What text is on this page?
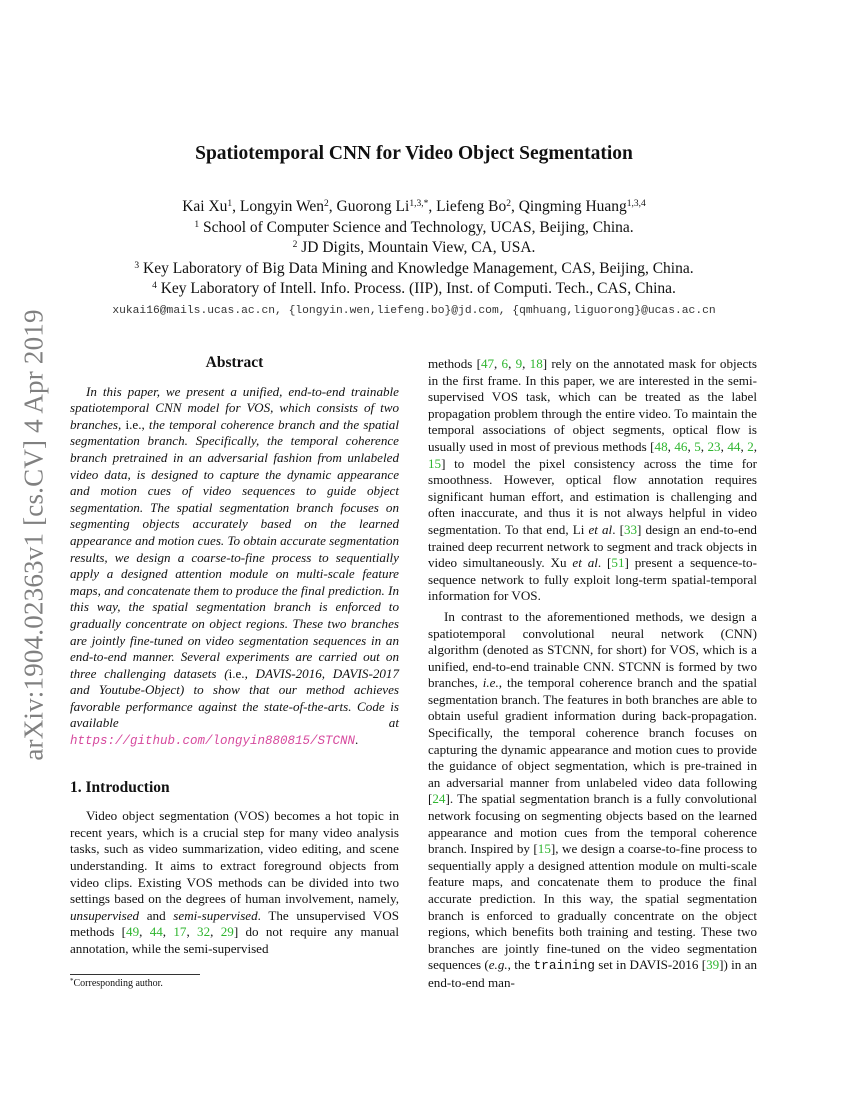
arXiv:1904.02363v1 [cs.CV] 4 Apr 2019
Spatiotemporal CNN for Video Object Segmentation
Kai Xu$^1$, Longyin Wen$^2$, Guorong $Li^{1,3,*}$, Liefeng Bo$^2$, Qingming Huang$^{1,3,4}$
$^1$ School of Computer Science and Technology, UCAS, Beijing, China.
$^2$ JD Digits, Mountain View, CA, USA.
$^3$ Key Laboratory of Big Data Mining and Knowledge Management, CAS, Beijing, China.
$^4$ Key Laboratory of Intell. Info. Process. (IIP), Inst. of Computi. Tech., CAS, China.
xukai16@mails.ucas.ac.cn, {longyin.wen,liefeng.bo}@jd.com, {qmhuang,liguorong}@ucas.ac.cn

Abstract

In this paper, we present a unified, end-to-end trainable spatiotemporal CNN model for VOS, which consists of two branches, i.e., the temporal coherence branch and the spatial segmentation branch. Specifically, the temporal coherence branch pretrained in an adversarial fashion from unlabeled video data, is designed to capture the dynamic appearance and motion cues of video sequences to guide object segmentation. The spatial segmentation branch focuses on segmenting objects accurately based on the learned appearance and motion cues. To obtain accurate segmentation results, we design a coarse-to-fine process to sequentially apply a designed attention module on multi-scale feature maps, and concatenate them to produce the final prediction. In this way, the spatial segmentation branch is enforced to gradually concentrate on object regions. These two branches are jointly fine-tuned on video segmentation sequences in an end-to-end manner. Several experiments are carried out on three challenging datasets (i.e., DAVIS-2016, DAVIS-2017 and Youtube-Object) to show that our method achieves favorable performance against the state-of-the-arts. Code is available at https://github.com/longyin880815/STCNN.

1. Introduction

Video object segmentation (VOS) becomes a hot topic in recent years, which is a crucial step for many video analysis tasks, such as video summarization, video editing, and scene understanding. It aims to extract foreground objects from video clips. Existing VOS methods can be divided into two settings based on the degrees of human involvement, namely, unsupervised and semi-supervised. The unsupervised VOS methods [49, 44, 17, 32, 29] do not require any manual annotation, while the semi-supervised

methods [47, 6, 9, 18] rely on the annotated mask for objects in the first frame. In this paper, we are interested in the semi-supervised VOS task, which can be treated as the label propagation problem through the entire video. To maintain the temporal associations of object segments, optical flow is usually used in most of previous methods [48, 46, 5, 23, 44, 2, 15] to model the pixel consistency across the time for smoothness. However, optical flow annotation requires significant human effort, and estimation is challenging and often inaccurate, and thus it is not always helpful in video segmentation. To that end, Li et al. [33] design an end-to-end trained deep recurrent network to segment and track objects in video simultaneously. Xu et al. [51] present a sequence-to-sequence network to fully exploit long-term spatial-temporal information for VOS.

In contrast to the aforementioned methods, we design a spatiotemporal convolutional neural network (CNN) algorithm (denoted as STCNN, for short) for VOS, which is a unified, end-to-end trainable CNN. STCNN is formed by two branches, i.e., the temporal coherence branch and the spatial segmentation branch. The features in both branches are able to obtain useful gradient information during back-propagation. Specifically, the temporal coherence branch focuses on capturing the dynamic appearance and motion cues to provide the guidance of object segmentation, which is pre-trained in an adversarial manner from unlabeled video data following [24]. The spatial segmentation branch is a fully convolutional network focusing on segmenting objects based on the learned appearance and motion cues from the temporal coherence branch. Inspired by [15], we design a coarse-to-fine process to sequentially apply a designed attention module on multi-scale feature maps, and concatenate them to produce the final accurate prediction. In this way, the spatial segmentation branch is enforced to gradually concentrate on the object regions, which benefits both training and testing. These two branches are jointly fine-tuned on the video segmentation sequences (e.g., the training set in DAVIS-2016 [39]) in an end-to-end man-

*Corresponding author.
